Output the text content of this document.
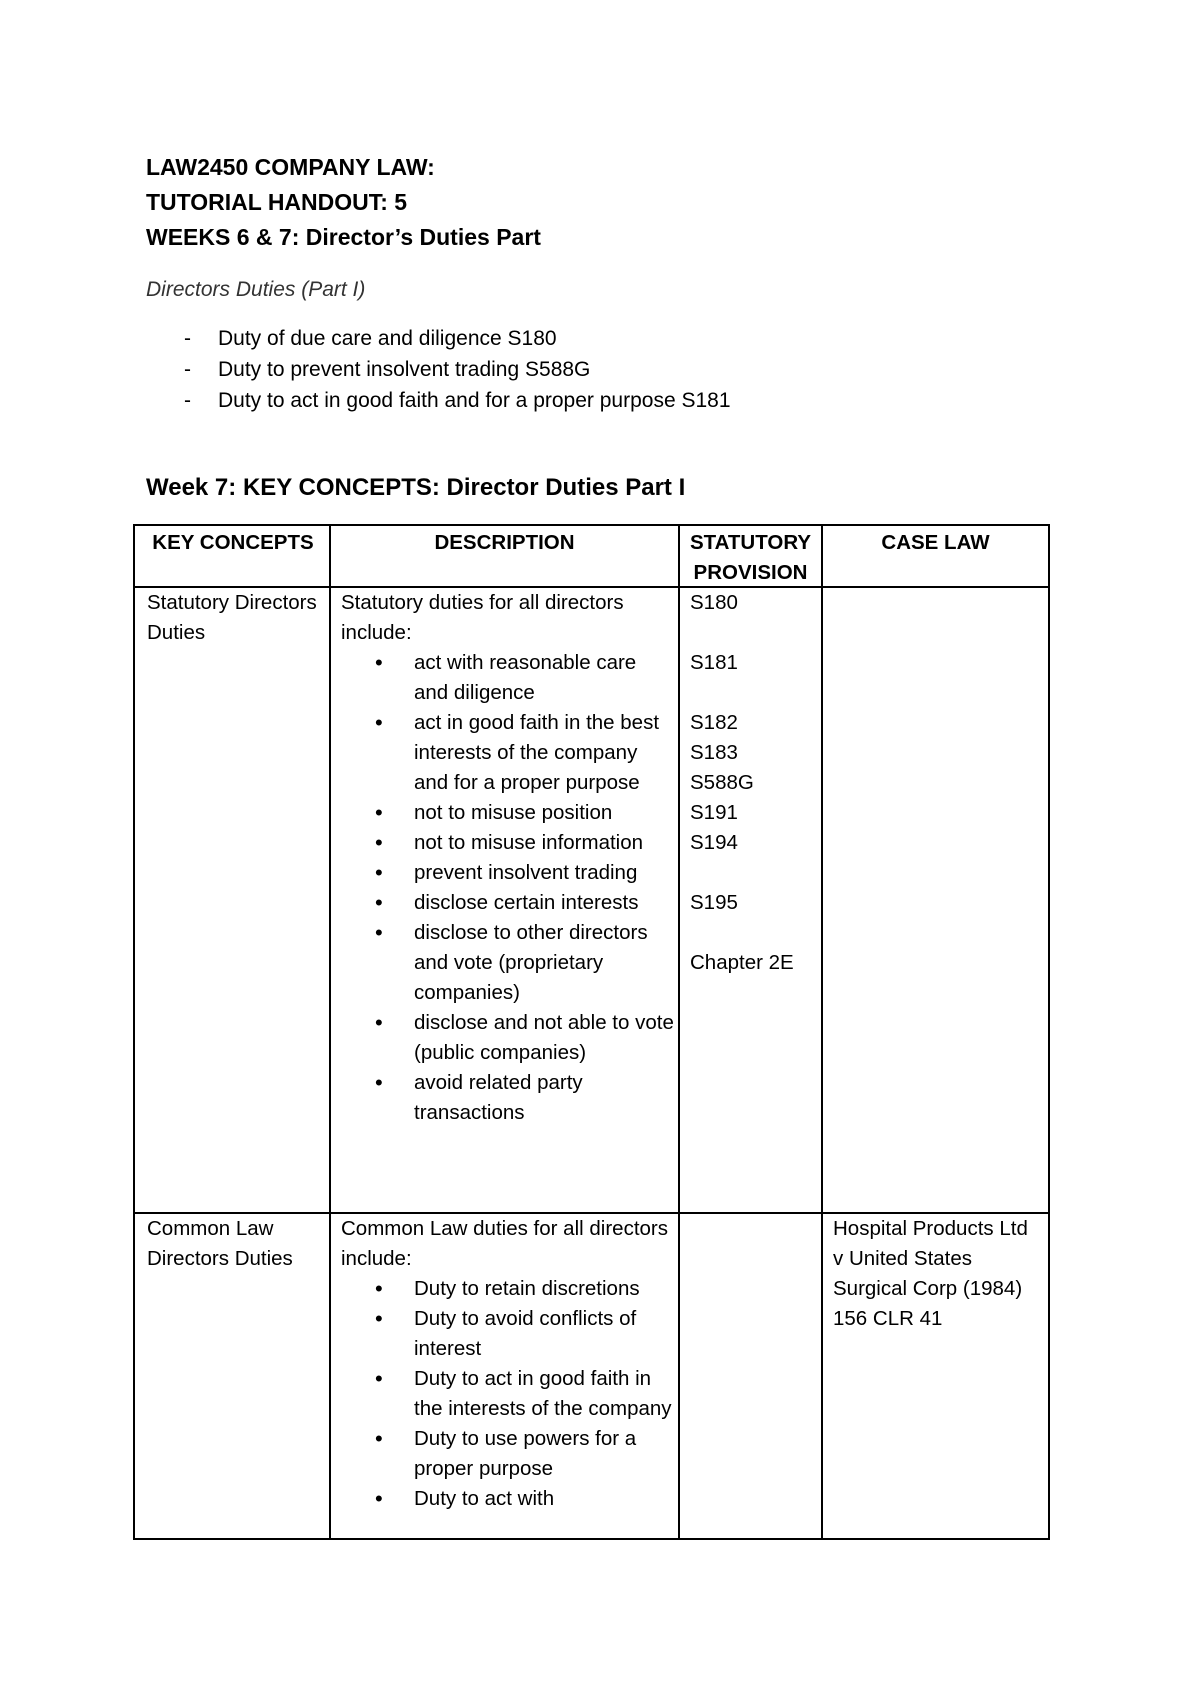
LAW2450 COMPANY LAW:
TUTORIAL HANDOUT: 5
WEEKS 6 & 7: Director’s Duties Part
Directors Duties (Part I)
- Duty of due care and diligence S180
- Duty to prevent insolvent trading S588G
- Duty to act in good faith and for a proper purpose S181
Week 7: KEY CONCEPTS: Director Duties Part I
KEY CONCEPTS	DESCRIPTION	STATUTORY PROVISION
CASE LAW
Statutory Directors Duties
Statutory duties for all directors include:
• act with reasonable care and diligence
• act in good faith in the best interests of the company and for a proper purpose
• not to misuse position
• not to misuse information
• prevent insolvent trading
• disclose certain interests
• disclose to other directors and vote (proprietary companies)
• disclose and not able to vote (public companies)
• avoid related party transactions
S180
S181
S182
S183
S588G
S191
S194
S195
Chapter 2E
Common Law Directors Duties
Common Law duties for all directors include:
• Duty to retain discretions
• Duty to avoid conflicts of interest
• Duty to act in good faith in the interests of the company
• Duty to use powers for a proper purpose
• Duty to act with
Hospital Products Ltd v United States Surgical Corp (1984) 156 CLR 41
